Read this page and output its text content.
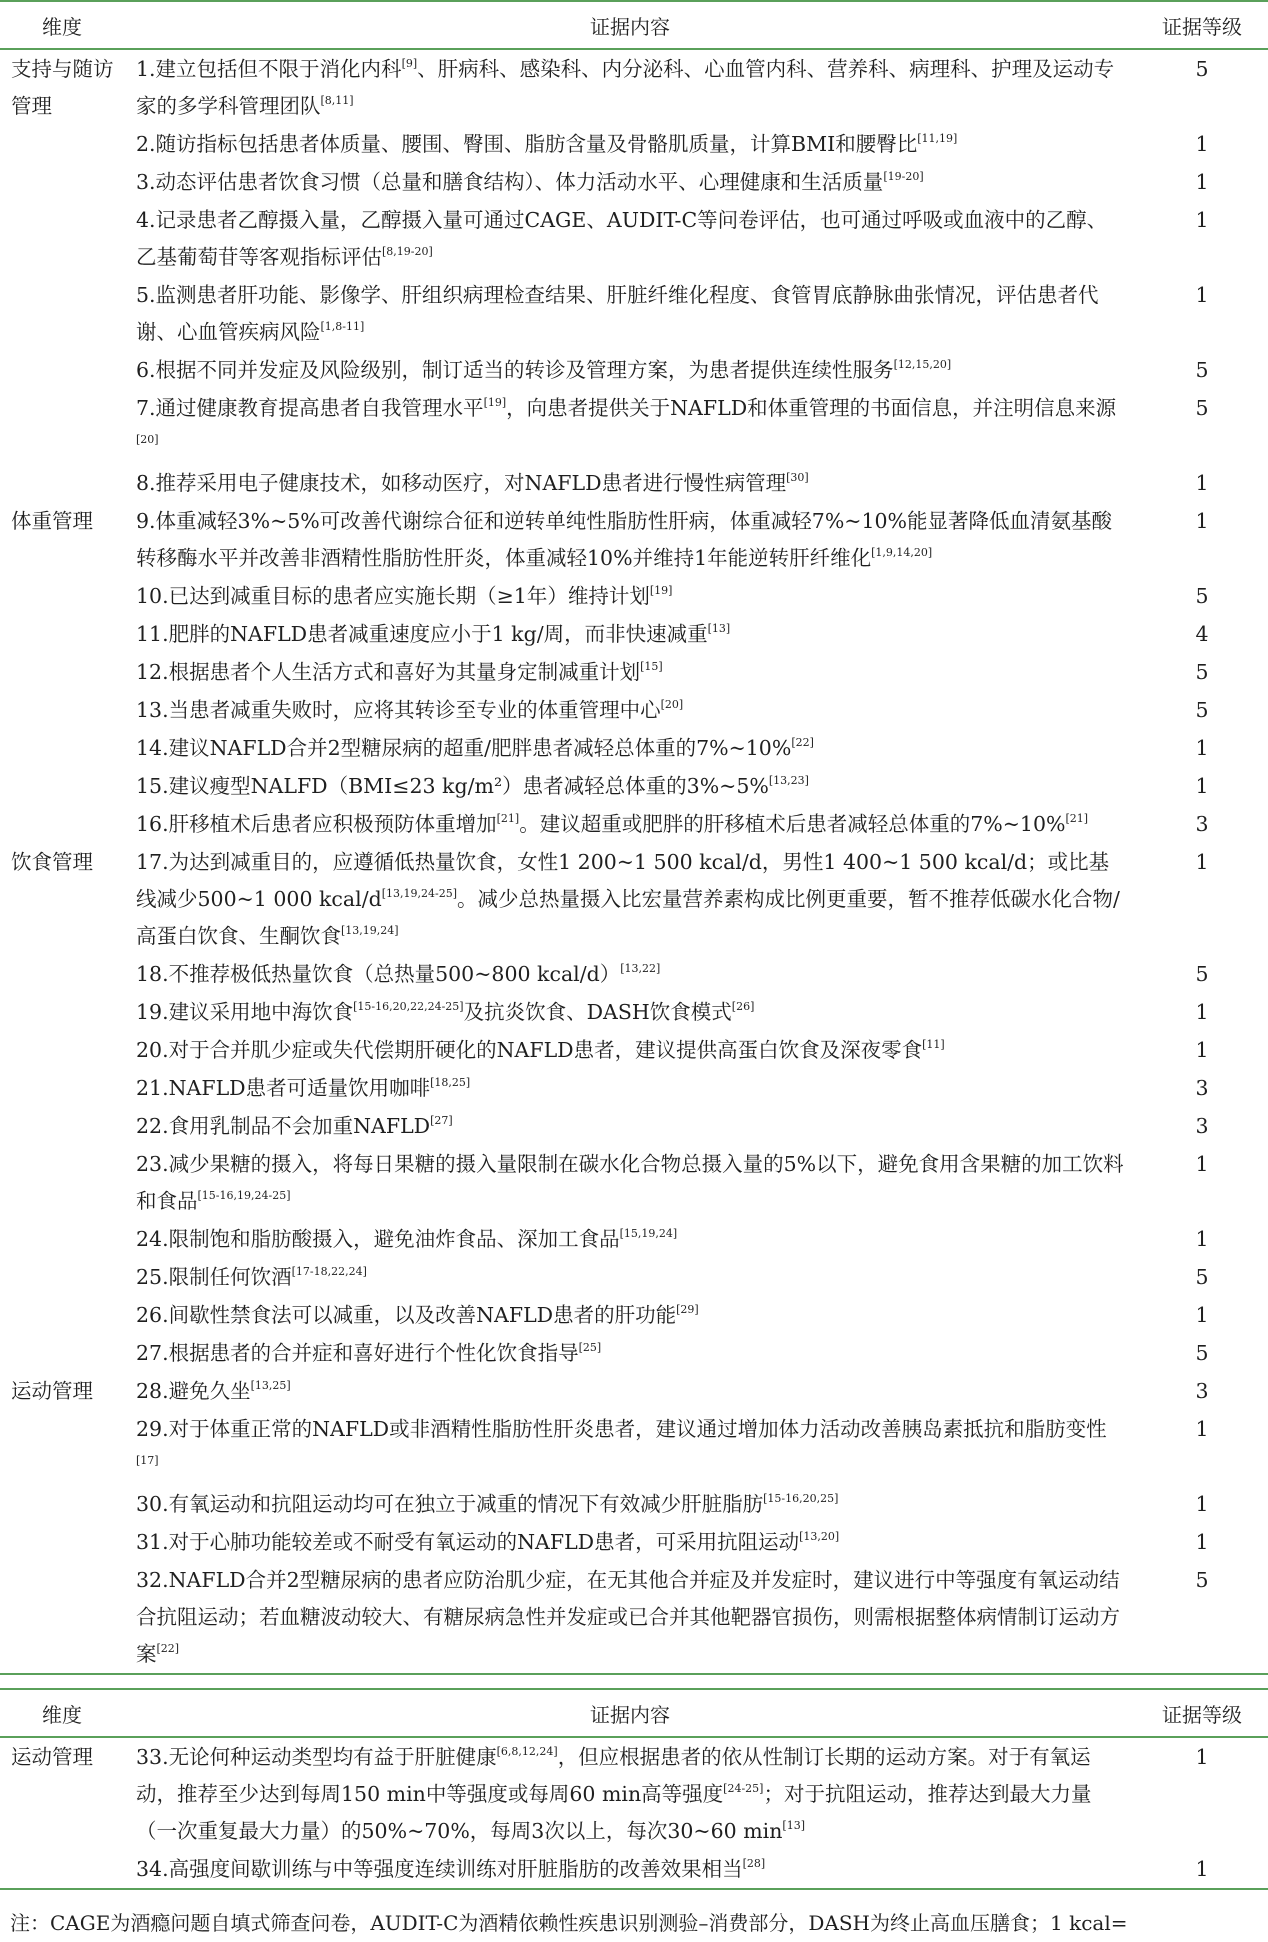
维度	证据内容	证据等级
支持与随访管理	1.建立包括但不限于消化内科[9]、肝病科、感染科、内分泌科、心血管内科、营养科、病理科、护理及运动专家的多学科管理团队[8,11]	5
	2.随访指标包括患者体质量、腰围、臀围、脂肪含量及骨骼肌质量，计算BMI和腰臀比[11,19]	1
	3.动态评估患者饮食习惯（总量和膳食结构）、体力活动水平、心理健康和生活质量[19-20]	1
	4.记录患者乙醇摄入量，乙醇摄入量可通过CAGE、AUDIT-C等问卷评估，也可通过呼吸或血液中的乙醇、乙基葡萄苷等客观指标评估[8,19-20]	1
	5.监测患者肝功能、影像学、肝组织病理检查结果、肝脏纤维化程度、食管胃底静脉曲张情况，评估患者代谢、心血管疾病风险[1,8-11]	1
	6.根据不同并发症及风险级别，制订适当的转诊及管理方案，为患者提供连续性服务[12,15,20]	5
	7.通过健康教育提高患者自我管理水平[19]，向患者提供关于NAFLD和体重管理的书面信息，并注明信息来源[20]	5
	8.推荐采用电子健康技术，如移动医疗，对NAFLD患者进行慢性病管理[30]	1
体重管理	9.体重减轻3%~5%可改善代谢综合征和逆转单纯性脂肪性肝病，体重减轻7%~10%能显著降低血清氨基酸转移酶水平并改善非酒精性脂肪性肝炎，体重减轻10%并维持1年能逆转肝纤维化[1,9,14,20]	1
	10.已达到减重目标的患者应实施长期（≥1年）维持计划[19]	5
	11.肥胖的NAFLD患者减重速度应小于1 kg/周，而非快速减重[13]	4
	12.根据患者个人生活方式和喜好为其量身定制减重计划[15]	5
	13.当患者减重失败时，应将其转诊至专业的体重管理中心[20]	5
	14.建议NAFLD合并2型糖尿病的超重/肥胖患者减轻总体重的7%~10%[22]	1
	15.建议瘦型NALFD（BMI≤23 kg/m²）患者减轻总体重的3%~5%[13,23]	1
	16.肝移植术后患者应积极预防体重增加[21]。建议超重或肥胖的肝移植术后患者减轻总体重的7%~10%[21]	3
饮食管理	17.为达到减重目的，应遵循低热量饮食，女性1 200~1 500 kcal/d，男性1 400~1 500 kcal/d；或比基线减少500~1 000 kcal/d[13,19,24-25]。减少总热量摄入比宏量营养素构成比例更重要，暂不推荐低碳水化合物/高蛋白饮食、生酮饮食[13,19,24]	1
	18.不推荐极低热量饮食（总热量500~800 kcal/d）[13,22]	5
	19.建议采用地中海饮食[15-16,20,22,24-25]及抗炎饮食、DASH饮食模式[26]	1
	20.对于合并肌少症或失代偿期肝硬化的NAFLD患者，建议提供高蛋白饮食及深夜零食[11]	1
	21.NAFLD患者可适量饮用咖啡[18,25]	3
	22.食用乳制品不会加重NAFLD[27]	3
	23.减少果糖的摄入，将每日果糖的摄入量限制在碳水化合物总摄入量的5%以下，避免食用含果糖的加工饮料和食品[15-16,19,24-25]	1
	24.限制饱和脂肪酸摄入，避免油炸食品、深加工食品[15,19,24]	1
	25.限制任何饮酒[17-18,22,24]	5
	26.间歇性禁食法可以减重，以及改善NAFLD患者的肝功能[29]	1
	27.根据患者的合并症和喜好进行个性化饮食指导[25]	5
运动管理	28.避免久坐[13,25]	3
	29.对于体重正常的NAFLD或非酒精性脂肪性肝炎患者，建议通过增加体力活动改善胰岛素抵抗和脂肪变性[17]	1
	30.有氧运动和抗阻运动均可在独立于减重的情况下有效减少肝脏脂肪[15-16,20,25]	1
	31.对于心肺功能较差或不耐受有氧运动的NAFLD患者，可采用抗阻运动[13,20]	1
	32.NAFLD合并2型糖尿病的患者应防治肌少症，在无其他合并症及并发症时，建议进行中等强度有氧运动结合抗阻运动；若血糖波动较大、有糖尿病急性并发症或已合并其他靶器官损伤，则需根据整体病情制订运动方案[22]	5
维度	证据内容	证据等级
运动管理	33.无论何种运动类型均有益于肝脏健康[6,8,12,24]，但应根据患者的依从性制订长期的运动方案。对于有氧运动，推荐至少达到每周150 min中等强度或每周60 min高等强度[24-25]；对于抗阻运动，推荐达到最大力量（一次重复最大力量）的50%~70%，每周3次以上，每次30~60 min[13]	1
	34.高强度间歇训练与中等强度连续训练对肝脏脂肪的改善效果相当[28]	1
注：CAGE为酒瘾问题自填式筛查问卷，AUDIT-C为酒精依赖性疾患识别测验–消费部分，DASH为终止高血压膳食；1 kcal=
